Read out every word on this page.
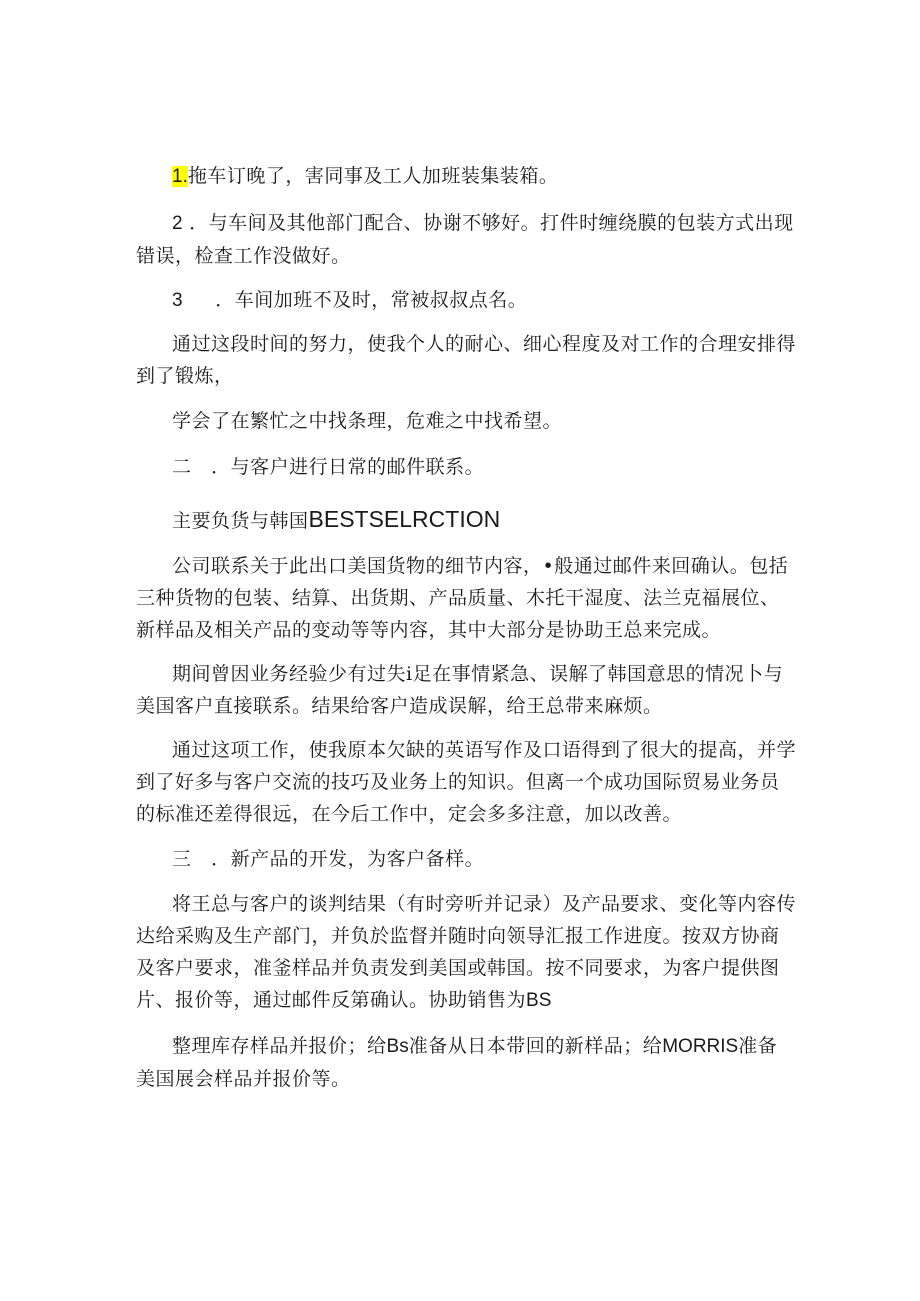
1.拖车订晚了，害同事及工人加班装集装箱。

2 ．与车间及其他部门配合、协谢不够好。打件时缠绕膜的包装方式出现错误，检查工作没做好。

3 ．车间加班不及时，常被叔叔点名。

通过这段时间的努力，使我个人的耐心、细心程度及对工作的合理安排得到了锻炼，

学会了在繁忙之中找条理，危难之中找希望。

二 ．与客户进行日常的邮件联系。

主要负货与韩国BESTSELRCTION

公司联系关于此出口美国货物的细节内容，•般通过邮件来回确认。包括三种货物的包装、结算、出货期、产品质量、木托干湿度、法兰克福展位、新样品及相关产品的变动等等内容，其中大部分是协助王总来完成。

期间曾因业务经验少有过失i足在事情紧急、误解了韩国意思的情况卜与美国客户直接联系。结果给客户造成误解，给王总带来麻烦。

通过这项工作，使我原本欠缺的英语写作及口语得到了很大的提高，并学到了好多与客户交流的技巧及业务上的知识。但离一个成功国际贸易业务员的标准还差得很远，在今后工作中，定会多多注意，加以改善。

三 ．新产品的开发，为客户备样。

将王总与客户的谈判结果（有时旁听并记录）及产品要求、变化等内容传达给采购及生产部门，并负於监督并随时向领导汇报工作进度。按双方协商及客户要求，准釜样品并负责发到美国或韩国。按不同要求，为客户提供图片、报价等，通过邮件反第确认。协助销售为BS

整理库存样品并报价；给Bs准备从日本带回的新样品；给MORRIS准备美国展会样品并报价等。
